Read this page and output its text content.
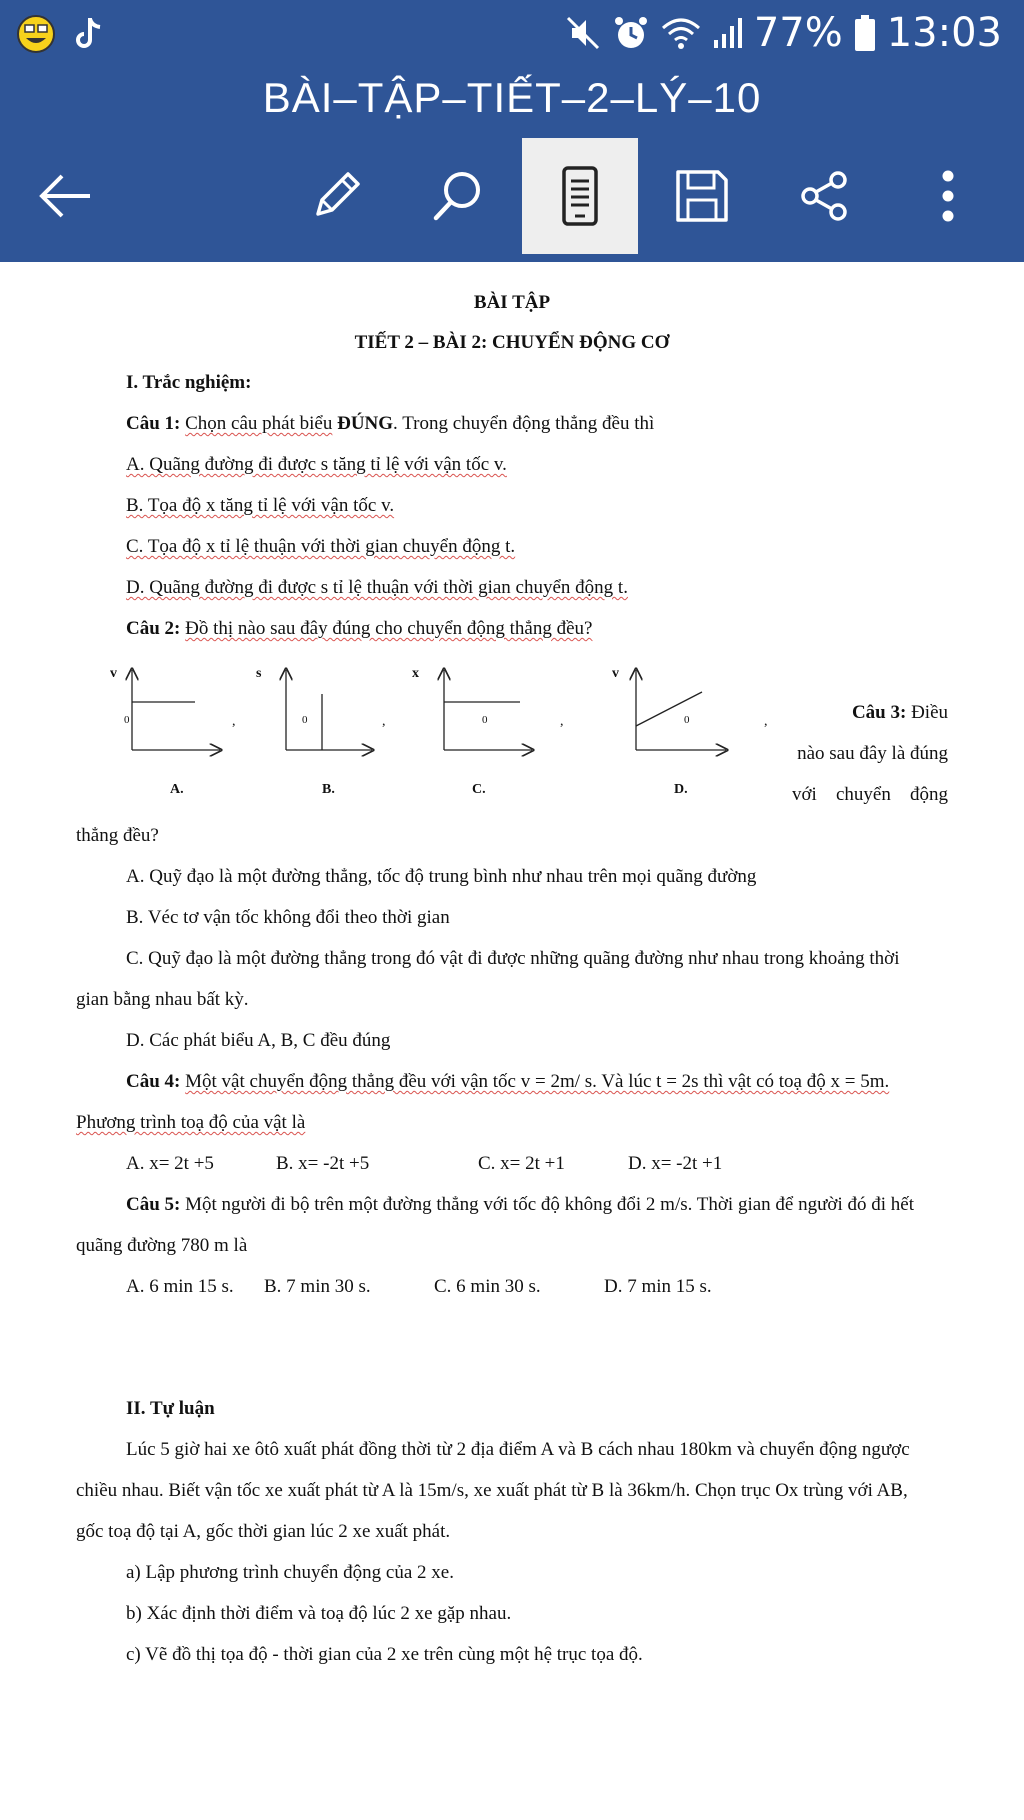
77% 13:03
BÀI–TẬP–TIẾT–2–LÝ–10
BÀI TẬP
TIẾT 2 – BÀI 2: CHUYỂN ĐỘNG CƠ
I. Trắc nghiệm:
Câu 1: Chọn câu phát biểu ĐÚNG. Trong chuyển động thẳng đều thì
A. Quãng đường đi được s tăng tỉ lệ với vận tốc v.
B. Tọa độ x tăng tỉ lệ với vận tốc v.
C. Tọa độ x tỉ lệ thuận với thời gian chuyển động t.
D. Quãng đường đi được s tỉ lệ thuận với thời gian chuyển động t.
Câu 2: Đồ thị nào sau đây đúng cho chuyển động thẳng đều?
v
0
s
0
x
0
v
0
,	,	,	,
A.	B.	C.	D.
Câu 3: Điều
nào sau đây là đúng
với chuyển động
thẳng đều?
A. Quỹ đạo là một đường thẳng, tốc độ trung bình như nhau trên mọi quãng đường
B. Véc tơ vận tốc không đổi theo thời gian
C. Quỹ đạo là một đường thẳng trong đó vật đi được những quãng đường như nhau trong khoảng thời
gian bằng nhau bất kỳ.
D. Các phát biểu A, B, C đều đúng
Câu 4: Một vật chuyển động thẳng đều với vận tốc v = 2m/ s. Và lúc t = 2s thì vật có toạ độ x = 5m.
Phương trình toạ độ của vật là
A. x= 2t +5	B. x= -2t +5	C. x= 2t +1	D. x= -2t +1
Câu 5: Một người đi bộ trên một đường thẳng với tốc độ không đổi 2 m/s. Thời gian để người đó đi hết
quãng đường 780 m là
A. 6 min 15 s. B. 7 min 30 s.	C. 6 min 30 s.	D. 7 min 15 s.
II. Tự luận
Lúc 5 giờ hai xe ôtô xuất phát đồng thời từ 2 địa điểm A và B cách nhau 180km và chuyển động ngược
chiều nhau. Biết vận tốc xe xuất phát từ A là 15m/s, xe xuất phát từ B là 36km/h. Chọn trục Ox trùng với AB,
gốc toạ độ tại A, gốc thời gian lúc 2 xe xuất phát.
a) Lập phương trình chuyển động của 2 xe.
b) Xác định thời điểm và toạ độ lúc 2 xe gặp nhau.
c) Vẽ đồ thị tọa độ - thời gian của 2 xe trên cùng một hệ trục tọa độ.
